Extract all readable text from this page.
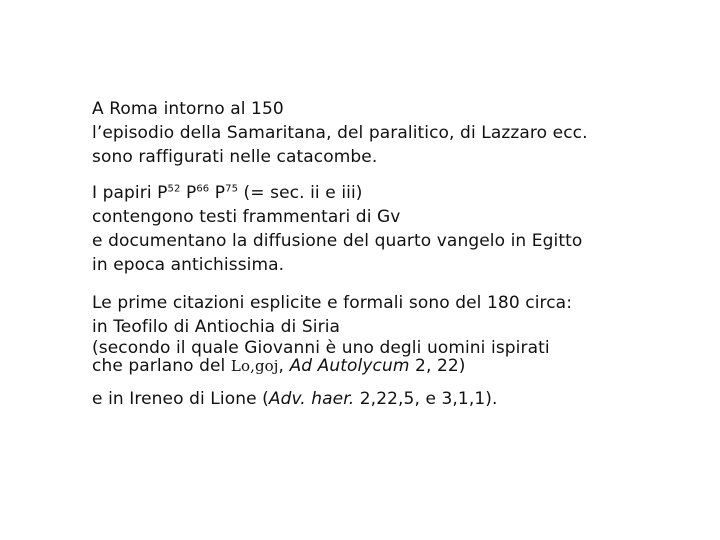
A Roma intorno al 150
l’episodio della Samaritana, del paralitico, di Lazzaro ecc.
sono raffigurati nelle catacombe.

I papiri $P^{52}$ $P^{66}$ $P^{75}$ (= sec. ii e iii)
contengono testi frammentari di Gv
e documentano la diffusione del quarto vangelo in Egitto
in epoca antichissima.

Le prime citazioni esplicite e formali sono del 180 circa:
in Teofilo di Antiochia di Siria
(secondo il quale Giovanni è uno degli uomini ispirati
che parlano del Lo,goj, Ad Autolycum 2, 22)

e in Ireneo di Lione (Adv. haer. 2,22,5, e 3,1,1).
